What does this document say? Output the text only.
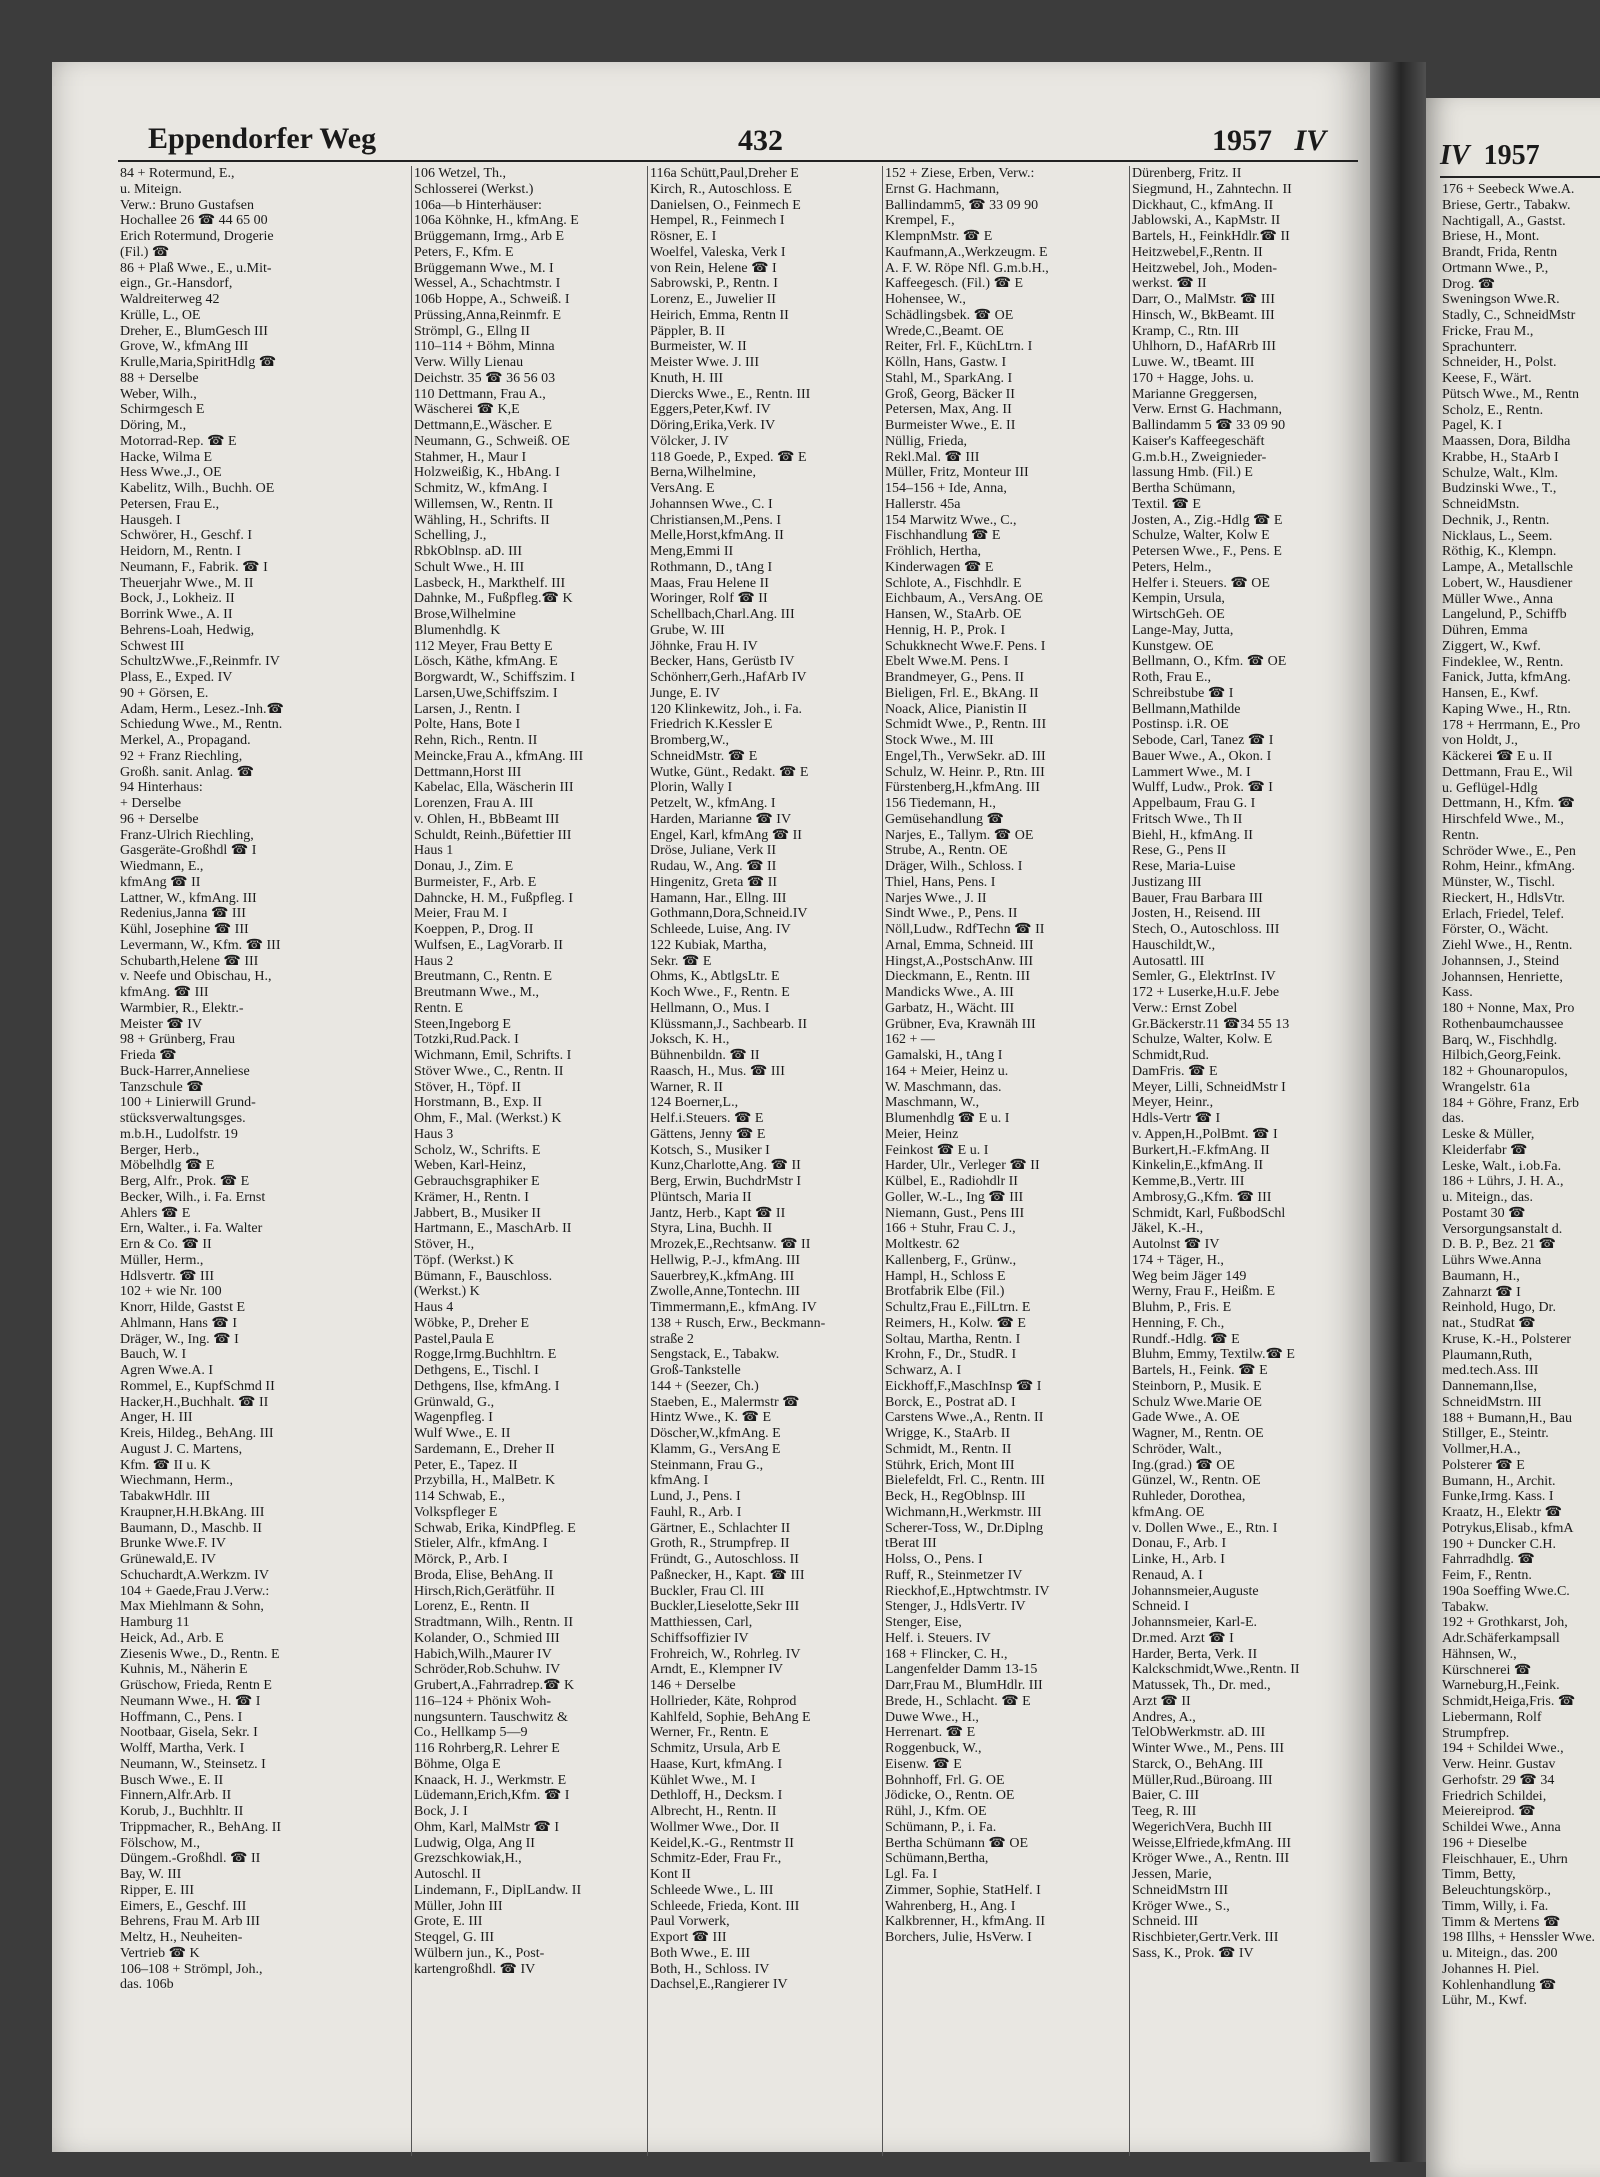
Eppendorfer Weg	432	1957 IV	IV 1957
84 + Rotermund, E.,
u. Miteign.
Verw.: Bruno Gustafsen
Hochallee 26 ☎ 44 65 00
Erich Rotermund, Drogerie
(Fil.) ☎
86 + Plaß Wwe., E., u.Mit-
eign., Gr.-Hansdorf,
Waldreiterweg 42
Krülle, L., OE
Dreher, E., BlumGesch III
Grove, W., kfmAng III
Krulle,Maria,SpiritHdlg ☎
88 + Derselbe
Weber, Wilh.,
Schirmgesch E
Döring, M.,
Motorrad-Rep. ☎ E
Hacke, Wilma E
Hess Wwe.,J., OE
Kabelitz, Wilh., Buchh. OE
Petersen, Frau E.,
Hausgeh. I
Schwörer, H., Geschf. I
Heidorn, M., Rentn. I
Neumann, F., Fabrik. ☎ I
Theuerjahr Wwe., M. II
Bock, J., Lokheiz. II
Borrink Wwe., A. II
Behrens-Loah, Hedwig,
Schwest III
SchultzWwe.,F.,Reinmfr. IV
Plass, E., Exped. IV
90 + Görsen, E.
Adam, Herm., Lesez.-Inh.☎
Schiedung Wwe., M., Rentn.
Merkel, A., Propagand.
92 + Franz Riechling,
Großh. sanit. Anlag. ☎
94 Hinterhaus:
+ Derselbe
96 + Derselbe
Franz-Ulrich Riechling,
Gasgeräte-Großhdl ☎ I
Wiedmann, E.,
kfmAng ☎ II
Lattner, W., kfmAng. III
Redenius,Janna ☎ III
Kühl, Josephine ☎ III
Levermann, W., Kfm. ☎ III
Schubarth,Helene ☎ III
v. Neefe und Obischau, H.,
kfmAng. ☎ III
Warmbier, R., Elektr.-
Meister ☎ IV
98 + Grünberg, Frau
Frieda ☎
Buck-Harrer,Anneliese
Tanzschule ☎
100 + Linierwill Grund-
stücksverwaltungsges.
m.b.H., Ludolfstr. 19
Berger, Herb.,
Möbelhdlg ☎ E
Berg, Alfr., Prok. ☎ E
Becker, Wilh., i. Fa. Ernst
Ahlers ☎ E
Ern, Walter., i. Fa. Walter
Ern & Co. ☎ II
Müller, Herm.,
Hdlsvertr. ☎ III
102 + wie Nr. 100
Knorr, Hilde, Gastst E
Ahlmann, Hans ☎ I
Dräger, W., Ing. ☎ I
Bauch, W. I
Agren Wwe.A. I
Rommel, E., KupfSchmd II
Hacker,H.,Buchhalt. ☎ II
Anger, H. III
Kreis, Hildeg., BehAng. III
August J. C. Martens,
Kfm. ☎ II u. K
Wiechmann, Herm.,
TabakwHdlr. III
Kraupner,H.H.BkAng. III
Baumann, D., Maschb. II
Brunke Wwe.F. IV
Grünewald,E. IV
Schuchardt,A.Werkzm. IV
104 + Gaede,Frau J.Verw.:
Max Miehlmann & Sohn,
Hamburg 11
Heick, Ad., Arb. E
Ziesenis Wwe., D., Rentn. E
Kuhnis, M., Näherin E
Grüschow, Frieda, Rentn E
Neumann Wwe., H. ☎ I
Hoffmann, C., Pens. I
Nootbaar, Gisela, Sekr. I
Wolff, Martha, Verk. I
Neumann, W., Steinsetz. I
Busch Wwe., E. II
Finnern,Alfr.Arb. II
Korub, J., Buchhltr. II
Trippmacher, R., BehAng. II
Fölschow, M.,
Düngem.-Großhdl. ☎ II
Bay, W. III
Ripper, E. III
Eimers, E., Geschf. III
Behrens, Frau M. Arb III
Meltz, H., Neuheiten-
Vertrieb ☎ K
106–108 + Strömpl, Joh.,
das. 106b
106 Wetzel, Th.,
Schlosserei (Werkst.)
106a—b Hinterhäuser:
106a Köhnke, H., kfmAng. E
Brüggemann, Irmg., Arb E
Peters, F., Kfm. E
Brüggemann Wwe., M. I
Wessel, A., Schachtmstr. I
106b Hoppe, A., Schweiß. I
Prüssing,Anna,Reinmfr. E
Strömpl, G., Ellng II
110–114 + Böhm, Minna
Verw. Willy Lienau
Deichstr. 35 ☎ 36 56 03
110 Dettmann, Frau A.,
Wäscherei ☎ K,E
Dettmann,E.,Wäscher. E
Neumann, G., Schweiß. OE
Stahmer, H., Maur I
Holzweißig, K., HbAng. I
Schmitz, W., kfmAng. I
Willemsen, W., Rentn. II
Wähling, H., Schrifts. II
Schelling, J.,
RbkOblnsp. aD. III
Schult Wwe., H. III
Lasbeck, H., Markthelf. III
Dahnke, M., Fußpfleg.☎ K
Brose,Wilhelmine
Blumenhdlg. K
112 Meyer, Frau Betty E
Lösch, Käthe, kfmAng. E
Borgwardt, W., Schiffszim. I
Larsen,Uwe,Schiffszim. I
Larsen, J., Rentn. I
Polte, Hans, Bote I
Rehn, Rich., Rentn. II
Meincke,Frau A., kfmAng. III
Dettmann,Horst III
Kabelac, Ella, Wäscherin III
Lorenzen, Frau A. III
v. Ohlen, H., BbBeamt III
Schuldt, Reinh.,Büfettier III
Haus 1
Donau, J., Zim. E
Burmeister, F., Arb. E
Dahncke, H. M., Fußpfleg. I
Meier, Frau M. I
Koeppen, P., Drog. II
Wulfsen, E., LagVorarb. II
Haus 2
Breutmann, C., Rentn. E
Breutmann Wwe., M.,
Rentn. E
Steen,Ingeborg E
Totzki,Rud.Pack. I
Wichmann, Emil, Schrifts. I
Stöver Wwe., C., Rentn. II
Stöver, H., Töpf. II
Horstmann, B., Exp. II
Ohm, F., Mal. (Werkst.) K
Haus 3
Scholz, W., Schrifts. E
Weben, Karl-Heinz,
Gebrauchsgraphiker E
Krämer, H., Rentn. I
Jabbert, B., Musiker II
Hartmann, E., MaschArb. II
Stöver, H.,
Töpf. (Werkst.) K
Bümann, F., Bauschloss.
(Werkst.) K
Haus 4
Wöbke, P., Dreher E
Pastel,Paula E
Rogge,Irmg.Buchhltrn. E
Dethgens, E., Tischl. I
Dethgens, Ilse, kfmAng. I
Grünwald, G.,
Wagenpfleg. I
Wulf Wwe., E. II
Sardemann, E., Dreher II
Peter, E., Tapez. II
Przybilla, H., MalBetr. K
114 Schwab, E.,
Volkspfleger E
Schwab, Erika, KindPfleg. E
Stieler, Alfr., kfmAng. I
Mörck, P., Arb. I
Broda, Elise, BehAng. II
Hirsch,Rich,Gerätführ. II
Lorenz, E., Rentn. II
Stradtmann, Wilh., Rentn. II
Kolander, O., Schmied III
Habich,Wilh.,Maurer IV
Schröder,Rob.Schuhw. IV
Grubert,A.,Fahrradrep.☎ K
116–124 + Phönix Woh-
nungsuntern. Tauschwitz &
Co., Hellkamp 5—9
116 Rohrberg,R. Lehrer E
Böhme, Olga E
Knaack, H. J., Werkmstr. E
Lüdemann,Erich,Kfm. ☎ I
Bock, J. I
Ohm, Karl, MalMstr ☎ I
Ludwig, Olga, Ang II
Grezschkowiak,H.,
Autoschl. II
Lindemann, F., DiplLandw. II
Müller, John III
Grote, E. III
Steqgel, G. III
Wülbern jun., K., Post-
kartengroßhdl. ☎ IV
116a Schütt,Paul,Dreher E
Kirch, R., Autoschloss. E
Danielsen, O., Feinmech E
Hempel, R., Feinmech I
Rösner, E. I
Woelfel, Valeska, Verk I
von Rein, Helene ☎ I
Sabrowski, P., Rentn. I
Lorenz, E., Juwelier II
Heirich, Emma, Rentn II
Päppler, B. II
Burmeister, W. II
Meister Wwe. J. III
Knuth, H. III
Diercks Wwe., E., Rentn. III
Eggers,Peter,Kwf. IV
Döring,Erika,Verk. IV
Völcker, J. IV
118 Goede, P., Exped. ☎ E
Berna,Wilhelmine,
VersAng. E
Johannsen Wwe., C. I
Christiansen,M.,Pens. I
Melle,Horst,kfmAng. II
Meng,Emmi II
Rothmann, D., tAng I
Maas, Frau Helene II
Woringer, Rolf ☎ II
Schellbach,Charl.Ang. III
Grube, W. III
Jöhnke, Frau H. IV
Becker, Hans, Gerüstb IV
Schönherr,Gerh.,HafArb IV
Junge, E. IV
120 Klinkewitz, Joh., i. Fa.
Friedrich K.Kessler E
Bromberg,W.,
SchneidMstr. ☎ E
Wutke, Günt., Redakt. ☎ E
Plorin, Wally I
Petzelt, W., kfmAng. I
Harden, Marianne ☎ IV
Engel, Karl, kfmAng ☎ II
Dröse, Juliane, Verk II
Rudau, W., Ang. ☎ II
Hingenitz, Greta ☎ II
Hamann, Har., Ellng. III
Gothmann,Dora,Schneid.IV
Schleede, Luise, Ang. IV
122 Kubiak, Martha,
Sekr. ☎ E
Ohms, K., AbtlgsLtr. E
Koch Wwe., F., Rentn. E
Hellmann, O., Mus. I
Klüssmann,J., Sachbearb. II
Joksch, K. H.,
Bühnenbildn. ☎ II
Raasch, H., Mus. ☎ III
Warner, R. II
124 Boerner,L.,
Helf.i.Steuers. ☎ E
Gättens, Jenny ☎ E
Kotsch, S., Musiker I
Kunz,Charlotte,Ang. ☎ II
Berg, Erwin, BuchdrMstr I
Plüntsch, Maria II
Jantz, Herb., Kapt ☎ II
Styra, Lina, Buchh. II
Mrozek,E.,Rechtsanw. ☎ II
Hellwig, P.-J., kfmAng. III
Sauerbrey,K.,kfmAng. III
Zwolle,Anne,Tontechn. III
Timmermann,E., kfmAng. IV
138 + Rusch, Erw., Beckmann-
straße 2
Sengstack, E., Tabakw.
Groß-Tankstelle
144 + (Seezer, Ch.)
Staeben, E., Malermstr ☎
Hintz Wwe., K. ☎ E
Döscher,W.,kfmAng. E
Klamm, G., VersAng E
Steinmann, Frau G.,
kfmAng. I
Lund, J., Pens. I
Fauhl, R., Arb. I
Gärtner, E., Schlachter II
Groth, R., Strumpfrep. II
Fründt, G., Autoschloss. II
Paßnecker, H., Kapt. ☎ III
Buckler, Frau Cl. III
Buckler,Lieselotte,Sekr III
Matthiessen, Carl,
Schiffsoffizier IV
Frohreich, W., Rohrleg. IV
Arndt, E., Klempner IV
146 + Derselbe
Hollrieder, Käte, Rohprod
Kahlfeld, Sophie, BehAng E
Werner, Fr., Rentn. E
Schmitz, Ursula, Arb E
Haase, Kurt, kfmAng. I
Kühlet Wwe., M. I
Dethloff, H., Decksm. I
Albrecht, H., Rentn. II
Wollmer Wwe., Dor. II
Keidel,K.-G., Rentmstr II
Schmitz-Eder, Frau Fr.,
Kont II
Schleede Wwe., L. III
Schleede, Frieda, Kont. III
Paul Vorwerk,
Export ☎ III
Both Wwe., E. III
Both, H., Schloss. IV
Dachsel,E.,Rangierer IV
152 + Ziese, Erben, Verw.:
Ernst G. Hachmann,
Ballindamm5, ☎ 33 09 90
Krempel, F.,
KlempnMstr. ☎ E
Kaufmann,A.,Werkzeugm. E
A. F. W. Röpe Nfl. G.m.b.H.,
Kaffeegesch. (Fil.) ☎ E
Hohensee, W.,
Schädlingsbek. ☎ OE
Wrede,C.,Beamt. OE
Reiter, Frl. F., KüchLtrn. I
Kölln, Hans, Gastw. I
Stahl, M., SparkAng. I
Groß, Georg, Bäcker II
Petersen, Max, Ang. II
Burmeister Wwe., E. II
Nüllig, Frieda,
Rekl.Mal. ☎ III
Müller, Fritz, Monteur III
154–156 + Ide, Anna,
Hallerstr. 45a
154 Marwitz Wwe., C.,
Fischhandlung ☎ E
Fröhlich, Hertha,
Kinderwagen ☎ E
Schlote, A., Fischhdlr. E
Eichbaum, A., VersAng. OE
Hansen, W., StaArb. OE
Hennig, H. P., Prok. I
Schukknecht Wwe.F. Pens. I
Ebelt Wwe.M. Pens. I
Brandmeyer, G., Pens. II
Bieligen, Frl. E., BkAng. II
Noack, Alice, Pianistin II
Schmidt Wwe., P., Rentn. III
Stock Wwe., M. III
Engel,Th., VerwSekr. aD. III
Schulz, W. Heinr. P., Rtn. III
Fürstenberg,H.,kfmAng. III
156 Tiedemann, H.,
Gemüsehandlung ☎
Narjes, E., Tallym. ☎ OE
Strube, A., Rentn. OE
Dräger, Wilh., Schloss. I
Thiel, Hans, Pens. I
Narjes Wwe., J. II
Sindt Wwe., P., Pens. II
Nöll,Ludw., RdfTechn ☎ II
Arnal, Emma, Schneid. III
Hingst,A.,PostschAnw. III
Dieckmann, E., Rentn. III
Mandicks Wwe., A. III
Garbatz, H., Wächt. III
Grübner, Eva, Krawnäh III
162 + —
Gamalski, H., tAng I
164 + Meier, Heinz u.
W. Maschmann, das.
Maschmann, W.,
Blumenhdlg ☎ E u. I
Meier, Heinz
Feinkost ☎ E u. I
Harder, Ulr., Verleger ☎ II
Külbel, E., Radiohdlr II
Goller, W.-L., Ing ☎ III
Niemann, Gust., Pens III
166 + Stuhr, Frau C. J.,
Moltkestr. 62
Kallenberg, F., Grünw.,
Hampl, H., Schloss E
Brotfabrik Elbe (Fil.)
Schultz,Frau E.,FilLtrn. E
Reimers, H., Kolw. ☎ E
Soltau, Martha, Rentn. I
Krohn, F., Dr., StudR. I
Schwarz, A. I
Eickhoff,F.,MaschInsp ☎ I
Borck, E., Postrat aD. I
Carstens Wwe.,A., Rentn. II
Wrigge, K., StaArb. II
Schmidt, M., Rentn. II
Stührk, Erich, Mont III
Bielefeldt, Frl. C., Rentn. III
Beck, H., RegOblnsp. III
Wichmann,H.,Werkmstr. III
Scherer-Toss, W., Dr.Diplng
tBerat III
Holss, O., Pens. I
Ruff, R., Steinmetzer IV
Rieckhof,E.,Hptwchtmstr. IV
Stenger, J., HdlsVertr. IV
Stenger, Eise,
Helf. i. Steuers. IV
168 + Flincker, C. H.,
Langenfelder Damm 13-15
Darr,Frau M., BlumHdlr. III
Brede, H., Schlacht. ☎ E
Duwe Wwe., H.,
Herrenart. ☎ E
Roggenbuck, W.,
Eisenw. ☎ E
Bohnhoff, Frl. G. OE
Jödicke, O., Rentn. OE
Rühl, J., Kfm. OE
Schümann, P., i. Fa.
Bertha Schümann ☎ OE
Schümann,Bertha,
Lgl. Fa. I
Zimmer, Sophie, StatHelf. I
Wahrenberg, H., Ang. I
Kalkbrenner, H., kfmAng. II
Borchers, Julie, HsVerw. I
Dürenberg, Fritz. II
Siegmund, H., Zahntechn. II
Dickhaut, C., kfmAng. II
Jablowski, A., KapMstr. II
Bartels, H., FeinkHdlr.☎ II
Heitzwebel,F.,Rentn. II
Heitzwebel, Joh., Moden-
werkst. ☎ II
Darr, O., MalMstr. ☎ III
Hinsch, W., BkBeamt. III
Kramp, C., Rtn. III
Uhlhorn, D., HafARrb III
Luwe. W., tBeamt. III
170 + Hagge, Johs. u.
Marianne Greggersen,
Verw. Ernst G. Hachmann,
Ballindamm 5 ☎ 33 09 90
Kaiser's Kaffeegeschäft
G.m.b.H., Zweignieder-
lassung Hmb. (Fil.) E
Bertha Schümann,
Textil. ☎ E
Josten, A., Zig.-Hdlg ☎ E
Schulze, Walter, Kolw E
Petersen Wwe., F., Pens. E
Peters, Helm.,
Helfer i. Steuers. ☎ OE
Kempin, Ursula,
WirtschGeh. OE
Lange-May, Jutta,
Kunstgew. OE
Bellmann, O., Kfm. ☎ OE
Roth, Frau E.,
Schreibstube ☎ I
Bellmann,Mathilde
Postinsp. i.R. OE
Sebode, Carl, Tanez ☎ I
Bauer Wwe., A., Okon. I
Lammert Wwe., M. I
Wulff, Ludw., Prok. ☎ I
Appelbaum, Frau G. I
Fritsch Wwe., Th II
Biehl, H., kfmAng. II
Rese, G., Pens II
Rese, Maria-Luise
Justizang III
Bauer, Frau Barbara III
Josten, H., Reisend. III
Stech, O., Autoschloss. III
Hauschildt,W.,
Autosattl. III
Semler, G., ElektrInst. IV
172 + Luserke,H.u.F. Jebe
Verw.: Ernst Zobel
Gr.Bäckerstr.11 ☎34 55 13
Schulze, Walter, Kolw. E
Schmidt,Rud.
DamFris. ☎ E
Meyer, Lilli, SchneidMstr I
Meyer, Heinr.,
Hdls-Vertr ☎ I
v. Appen,H.,PolBmt. ☎ I
Burkert,H.-F.kfmAng. II
Kinkelin,E.,kfmAng. II
Kemme,B.,Vertr. III
Ambrosy,G.,Kfm. ☎ III
Schmidt, Karl, FußbodSchl
Jäkel, K.-H.,
Autolnst ☎ IV
174 + Täger, H.,
Weg beim Jäger 149
Werny, Frau F., Heißm. E
Bluhm, P., Fris. E
Henning, F. Ch.,
Rundf.-Hdlg. ☎ E
Bluhm, Emmy, Textilw.☎ E
Bartels, H., Feink. ☎ E
Steinborn, P., Musik. E
Schulz Wwe.Marie OE
Gade Wwe., A. OE
Wagner, M., Rentn. OE
Schröder, Walt.,
Ing.(grad.) ☎ OE
Günzel, W., Rentn. OE
Ruhleder, Dorothea,
kfmAng. OE
v. Dollen Wwe., E., Rtn. I
Donau, F., Arb. I
Linke, H., Arb. I
Renaud, A. I
Johannsmeier,Auguste
Schneid. I
Johannsmeier, Karl-E.
Dr.med. Arzt ☎ I
Harder, Berta, Verk. II
Kalckschmidt,Wwe.,Rentn. II
Matussek, Th., Dr. med.,
Arzt ☎ II
Andres, A.,
TelObWerkmstr. aD. III
Winter Wwe., M., Pens. III
Starck, O., BehAng. III
Müller,Rud.,Büroang. III
Baier, C. III
Teeg, R. III
WegerichVera, Buchh III
Weisse,Elfriede,kfmAng. III
Kröger Wwe., A., Rentn. III
Jessen, Marie,
SchneidMstrn III
Kröger Wwe., S.,
Schneid. III
Rischbieter,Gertr.Verk. III
Sass, K., Prok. ☎ IV
176 + Seebeck Wwe.A.
Briese, Gertr., Tabakw.
Nachtigall, A., Gastst.
Briese, H., Mont.
Brandt, Frida, Rentn
Ortmann Wwe., P.,
Drog. ☎
Sweningson Wwe.R.
Stadly, C., SchneidMstr
Fricke, Frau M.,
Sprachunterr.
Schneider, H., Polst.
Keese, F., Wärt.
Pütsch Wwe., M., Rentn
Scholz, E., Rentn.
Pagel, K. I
Maassen, Dora, Bildha
Krabbe, H., StaArb I
Schulze, Walt., Klm.
Budzinski Wwe., T.,
SchneidMstn.
Dechnik, J., Rentn.
Nicklaus, L., Seem.
Röthig, K., Klempn.
Lampe, A., Metallschle
Lobert, W., Hausdiener
Müller Wwe., Anna
Langelund, P., Schiffb
Dühren, Emma
Ziggert, W., Kwf.
Findeklee, W., Rentn.
Fanick, Jutta, kfmAng.
Hansen, E., Kwf.
Kaping Wwe., H., Rtn.
178 + Herrmann, E., Pro
von Holdt, J.,
Käckerei ☎ E u. II
Dettmann, Frau E., Wil
u. Geflügel-Hdlg
Dettmann, H., Kfm. ☎
Hirschfeld Wwe., M.,
Rentn.
Schröder Wwe., E., Pen
Rohm, Heinr., kfmAng.
Münster, W., Tischl.
Rieckert, H., HdlsVtr.
Erlach, Friedel, Telef.
Förster, O., Wächt.
Ziehl Wwe., H., Rentn.
Johannsen, J., Steind
Johannsen, Henriette,
Kass.
180 + Nonne, Max, Pro
Rothenbaumchaussee
Barq, W., Fischhdlg.
Hilbich,Georg,Feink.
182 + Ghounaropulos,
Wrangelstr. 61a
184 + Göhre, Franz, Erb
das.
Leske & Müller,
Kleiderfabr ☎
Leske, Walt., i.ob.Fa.
186 + Lührs, J. H. A.,
u. Miteign., das.
Postamt 30 ☎
Versorgungsanstalt d.
D. B. P., Bez. 21 ☎
Lührs Wwe.Anna
Baumann, H.,
Zahnarzt ☎ I
Reinhold, Hugo, Dr.
nat., StudRat ☎
Kruse, K.-H., Polsterer
Plaumann,Ruth,
med.tech.Ass. III
Dannemann,Ilse,
SchneidMstrn. III
188 + Bumann,H., Bau
Stillger, E., Steintr.
Vollmer,H.A.,
Polsterer ☎ E
Bumann, H., Archit.
Funke,Irmg. Kass. I
Kraatz, H., Elektr ☎
Potrykus,Elisab., kfmA
190 + Duncker C.H.
Fahrradhdlg. ☎
Feim, F., Rentn.
190a Soeffing Wwe.C.
Tabakw.
192 + Grothkarst, Joh,
Adr.Schäferkampsall
Hähnsen, W.,
Kürschnerei ☎
Warneburg,H.,Feink.
Schmidt,Heiga,Fris. ☎
Liebermann, Rolf
Strumpfrep.
194 + Schildei Wwe.,
Verw. Heinr. Gustav
Gerhofstr. 29 ☎ 34
Friedrich Schildei,
Meiereiprod. ☎
Schildei Wwe., Anna
196 + Dieselbe
Fleischhauer, E., Uhrn
Timm, Betty,
Beleuchtungskörp.,
Timm, Willy, i. Fa.
Timm & Mertens ☎
198 Illhs, + Henssler Wwe.
u. Miteign., das. 200
Johannes H. Piel.
Kohlenhandlung ☎
Lühr, M., Kwf.
